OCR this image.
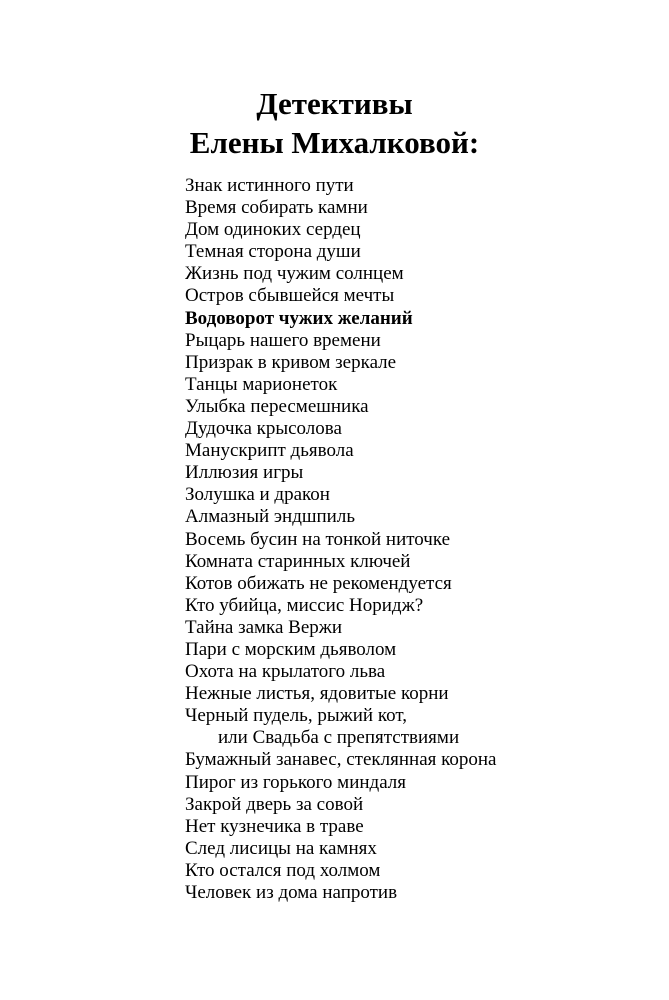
Детективы
Елены Михалковой:
Знак истинного пути
Время собирать камни
Дом одиноких сердец
Темная сторона души
Жизнь под чужим солнцем
Остров сбывшейся мечты
Водоворот чужих желаний
Рыцарь нашего времени
Призрак в кривом зеркале
Танцы марионеток
Улыбка пересмешника
Дудочка крысолова
Манускрипт дьявола
Иллюзия игры
Золушка и дракон
Алмазный эндшпиль
Восемь бусин на тонкой ниточке
Комната старинных ключей
Котов обижать не рекомендуется
Кто убийца, миссис Норидж?
Тайна замка Вержи
Пари с морским дьяволом
Охота на крылатого льва
Нежные листья, ядовитые корни
Черный пудель, рыжий кот,
или Свадьба с препятствиями
Бумажный занавес, стеклянная корона
Пирог из горького миндаля
Закрой дверь за совой
Нет кузнечика в траве
След лисицы на камнях
Кто остался под холмом
Человек из дома напротив
